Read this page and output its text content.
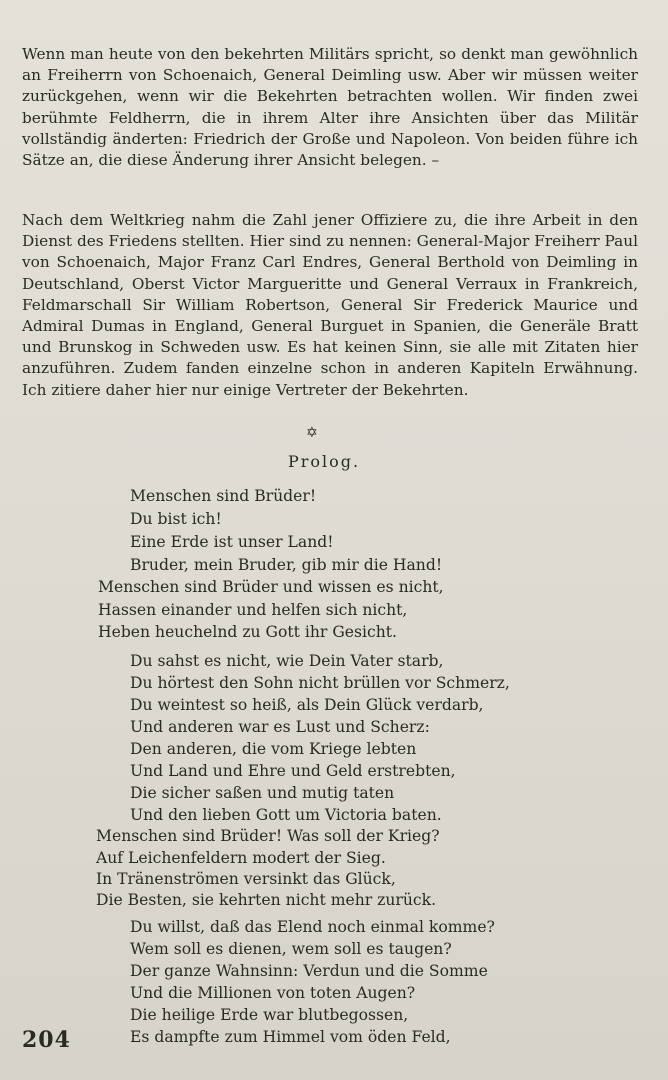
Wenn man heute von den bekehrten Militärs spricht, so denkt man gewöhnlich an Freiherrn von Schoenaich, General Deimling usw. Aber wir müssen weiter zurückgehen, wenn wir die Bekehrten betrachten wollen. Wir finden zwei berühmte Feldherrn, die in ihrem Alter ihre Ansichten über das Militär vollständig änderten: Friedrich der Große und Napoleon. Von beiden führe ich Sätze an, die diese Änderung ihrer Ansicht belegen. –

Nach dem Weltkrieg nahm die Zahl jener Offiziere zu, die ihre Arbeit in den Dienst des Friedens stellten. Hier sind zu nennen: General-Major Freiherr Paul von Schoenaich, Major Franz Carl Endres, General Berthold von Deimling in Deutschland, Oberst Victor Margueritte und General Verraux in Frankreich, Feldmarschall Sir William Robertson, General Sir Frederick Maurice und Admiral Dumas in England, General Burguet in Spanien, die Generäle Bratt und Brunskog in Schweden usw. Es hat keinen Sinn, sie alle mit Zitaten hier anzuführen. Zudem fanden einzelne schon in anderen Kapiteln Erwähnung. Ich zitiere daher hier nur einige Vertreter der Bekehrten.

✡
Prolog.
Menschen sind Brüder!
Du bist ich!
Eine Erde ist unser Land!
Bruder, mein Bruder, gib mir die Hand!
Menschen sind Brüder und wissen es nicht,
Hassen einander und helfen sich nicht,
Heben heuchelnd zu Gott ihr Gesicht.
Du sahst es nicht, wie Dein Vater starb,
Du hörtest den Sohn nicht brüllen vor Schmerz,
Du weintest so heiß, als Dein Glück verdarb,
Und anderen war es Lust und Scherz:
Den anderen, die vom Kriege lebten
Und Land und Ehre und Geld erstrebten,
Die sicher saßen und mutig taten
Und den lieben Gott um Victoria baten.
Menschen sind Brüder! Was soll der Krieg?
Auf Leichenfeldern modert der Sieg.
In Tränenströmen versinkt das Glück,
Die Besten, sie kehrten nicht mehr zurück.
Du willst, daß das Elend noch einmal komme?
Wem soll es dienen, wem soll es taugen?
Der ganze Wahnsinn: Verdun und die Somme
Und die Millionen von toten Augen?
Die heilige Erde war blutbegossen,
Es dampfte zum Himmel vom öden Feld,
204
